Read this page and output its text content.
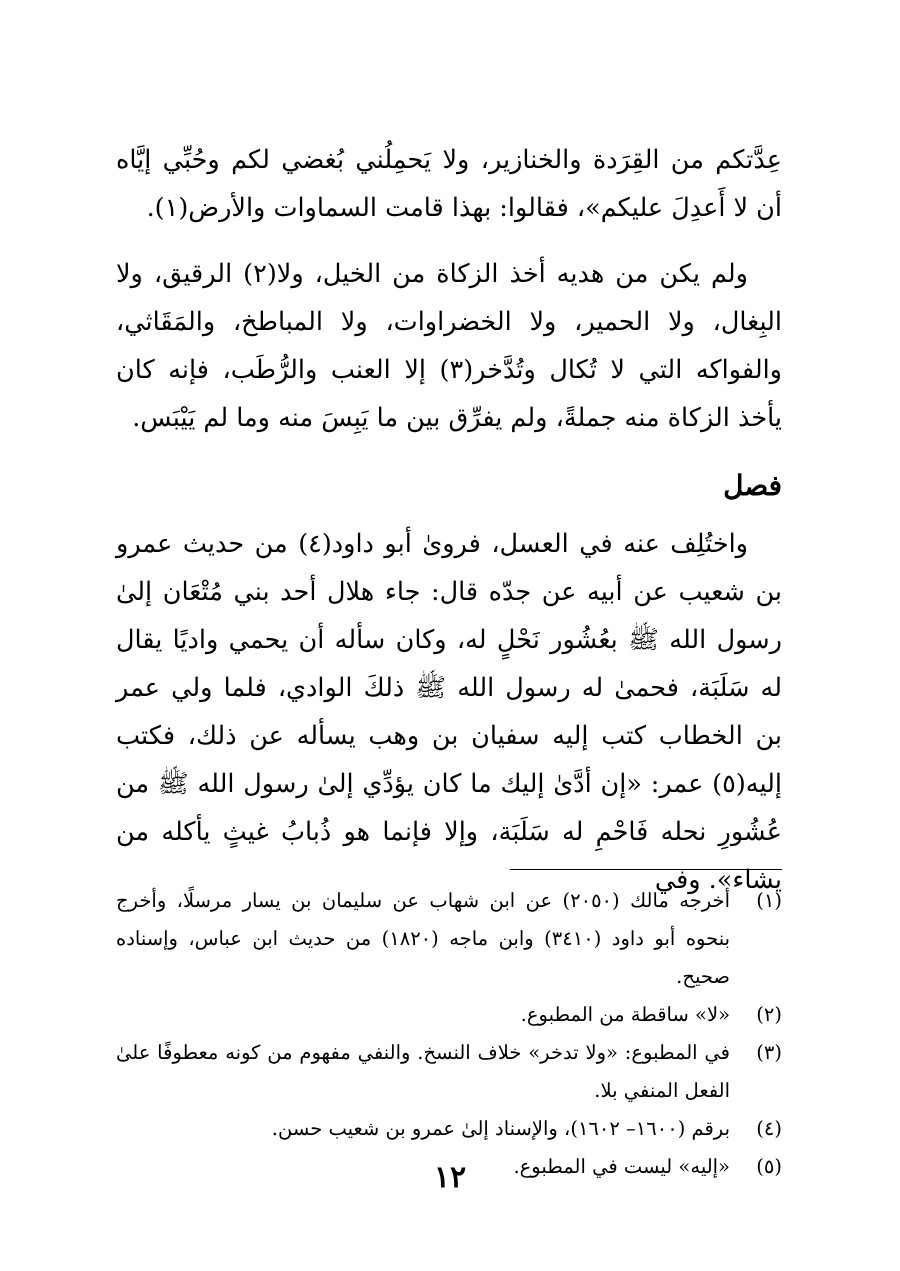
عِدَّتكم من القِرَدة والخنازير، ولا يَحمِلُني بُغضي لكم وحُبِّي إيَّاه أن لا أَعدِلَ عليكم»، فقالوا: بهذا قامت السماوات والأرض(١).

ولم يكن من هديه أخذ الزكاة من الخيل، ولا(٢) الرقيق، ولا البِغال، ولا الحمير، ولا الخضراوات، ولا المباطخ، والمَقَاثي، والفواكه التي لا تُكال وتُدَّخر(٣) إلا العنب والرُّطَب، فإنه كان يأخذ الزكاة منه جملةً، ولم يفرِّق بين ما يَبِسَ منه وما لم يَيْبَس.

فصل

واختُلِف عنه في العسل، فروىٰ أبو داود(٤) من حديث عمرو بن شعيب عن أبيه عن جدّه قال: جاء هلال أحد بني مُتْعَان إلىٰ رسول الله ﷺ بعُشُور نَحْلٍ له، وكان سأله أن يحمي واديًا يقال له سَلَبَة، فحمىٰ له رسول الله ﷺ ذلكَ الوادي، فلما ولي عمر بن الخطاب كتب إليه سفيان بن وهب يسأله عن ذلك، فكتب إليه(٥) عمر: «إن أدَّىٰ إليك ما كان يؤدِّي إلىٰ رسول الله ﷺ من عُشُورِ نحله فَاحْمِ له سَلَبَة، وإلا فإنما هو ذُبابُ غيثٍ يأكله من يشاء». وفي

(١)
أخرجه مالك (٢٠٥٠) عن ابن شهاب عن سليمان بن يسار مرسلًا، وأخرج بنحوه أبو داود (٣٤١٠) وابن ماجه (١٨٢٠) من حديث ابن عباس، وإسناده صحيح.
(٢)
«لا» ساقطة من المطبوع.
(٣)
في المطبوع: «ولا تدخر» خلاف النسخ. والنفي مفهوم من كونه معطوفًا علىٰ الفعل المنفي بلا.
(٤)
برقم (١٦٠٠– ١٦٠٢)، والإسناد إلىٰ عمرو بن شعيب حسن.
(٥)
«إليه» ليست في المطبوع.
١٢
